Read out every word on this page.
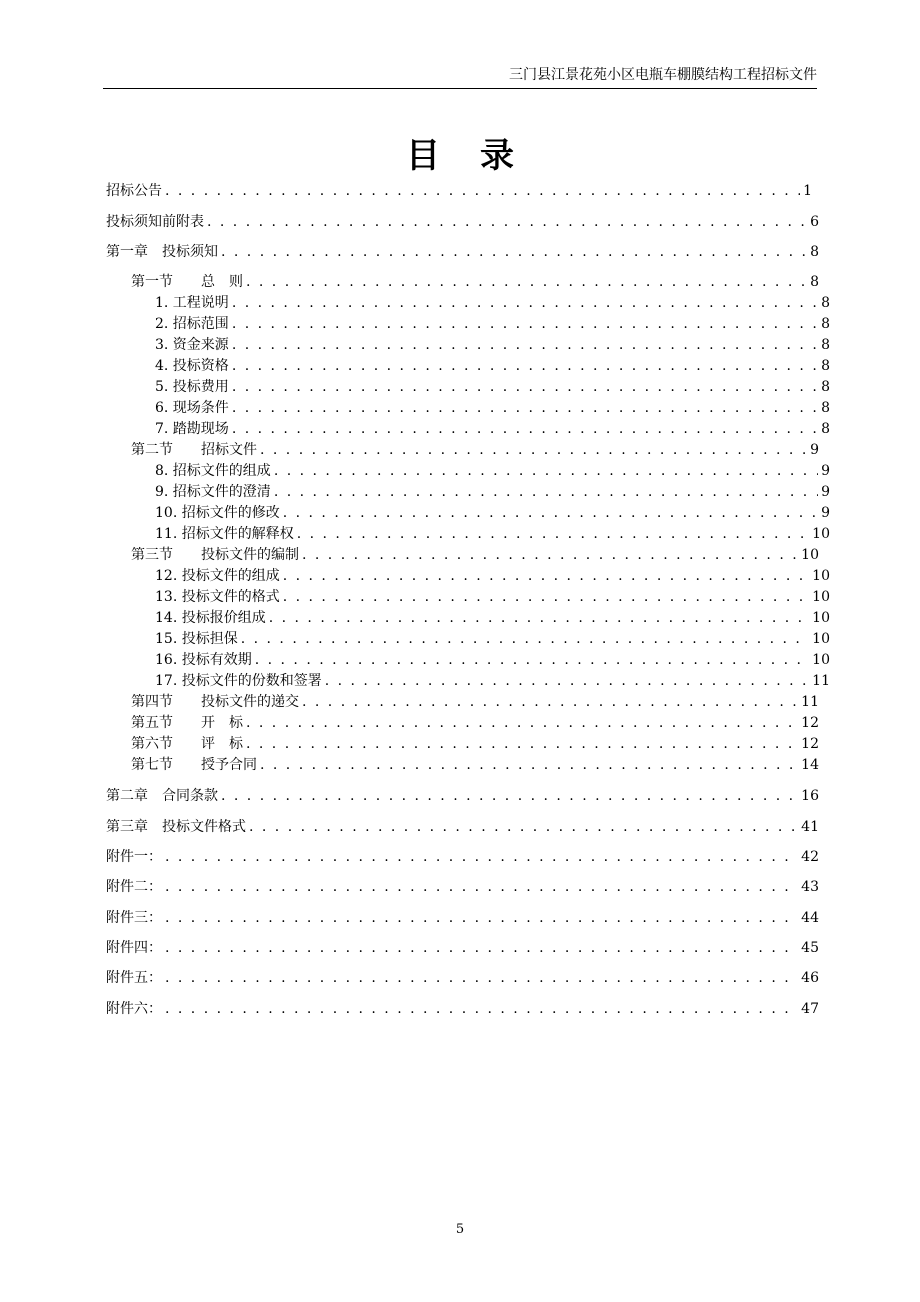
三门县江景花苑小区电瓶车棚膜结构工程招标文件
目录
招标公告 . . .	1
投标须知前附表 . . .	6
第一章　投标须知 . . .	8
第一节　　总　则 . . .	8
1. 工程说明 . . .	8
2. 招标范围 . . .	8
3. 资金来源 . . .	8
4. 投标资格 . . .	8
5. 投标费用 . . .	8
6. 现场条件 . . .	8
7. 踏勘现场 . . .	8
第二节　　招标文件 . . .	9
8. 招标文件的组成 . . .	9
9. 招标文件的澄清 . . .	9
10. 招标文件的修改 . . .	9
11. 招标文件的解释权 . . .	10
第三节　　投标文件的编制 . . .	10
12. 投标文件的组成 . . .	10
13. 投标文件的格式 . . .	10
14. 投标报价组成 . . .	10
15. 投标担保 . . .	10
16. 投标有效期 . . .	10
17. 投标文件的份数和签署 . . .	11
第四节　　投标文件的递交 . . .	11
第五节　　开　标 . . .	12
第六节　　评　标 . . .	12
第七节　　授予合同 . . .	14
第二章　合同条款 . . .	16
第三章　投标文件格式 . . .	41
附件一： . . .	42
附件二： . . .	43
附件三： . . .	44
附件四： . . .	45
附件五： . . .	46
附件六： . . .	47
5
